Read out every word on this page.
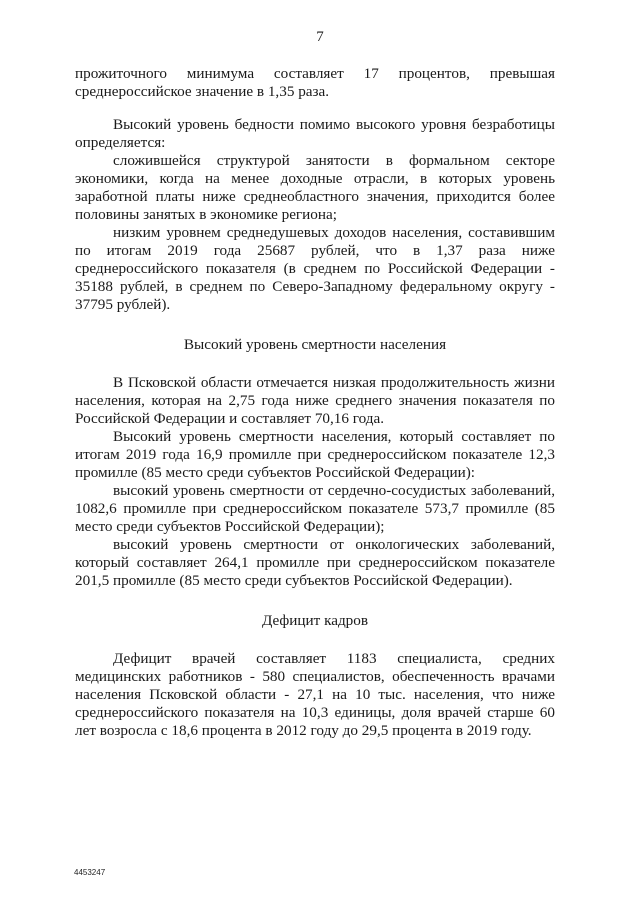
7

прожиточного минимума составляет 17 процентов, превышая среднероссийское значение в 1,35 раза.

Высокий уровень бедности помимо высокого уровня безработицы определяется:

сложившейся структурой занятости в формальном секторе экономики, когда на менее доходные отрасли, в которых уровень заработной платы ниже среднеобластного значения, приходится более половины занятых в экономике региона;

низким уровнем среднедушевых доходов населения, составившим по итогам 2019 года 25687 рублей, что в 1,37 раза ниже среднероссийского показателя (в среднем по Российской Федерации - 35188 рублей, в среднем по Северо-Западному федеральному округу - 37795 рублей).

Высокий уровень смертности населения

В Псковской области отмечается низкая продолжительность жизни населения, которая на 2,75 года ниже среднего значения показателя по Российской Федерации и составляет 70,16 года.

Высокий уровень смертности населения, который составляет по итогам 2019 года 16,9 промилле при среднероссийском показателе 12,3 промилле (85 место среди субъектов Российской Федерации):

высокий уровень смертности от сердечно-сосудистых заболеваний, 1082,6 промилле при среднероссийском показателе 573,7 промилле (85 место среди субъектов Российской Федерации);

высокий уровень смертности от онкологических заболеваний, который составляет 264,1 промилле при среднероссийском показателе 201,5 промилле (85 место среди субъектов Российской Федерации).

Дефицит кадров

Дефицит врачей составляет 1183 специалиста, средних медицинских работников - 580 специалистов, обеспеченность врачами населения Псковской области - 27,1 на 10 тыс. населения, что ниже среднероссийского показателя на 10,3 единицы, доля врачей старше 60 лет возросла с 18,6 процента в 2012 году до 29,5 процента в 2019 году.

4453247
